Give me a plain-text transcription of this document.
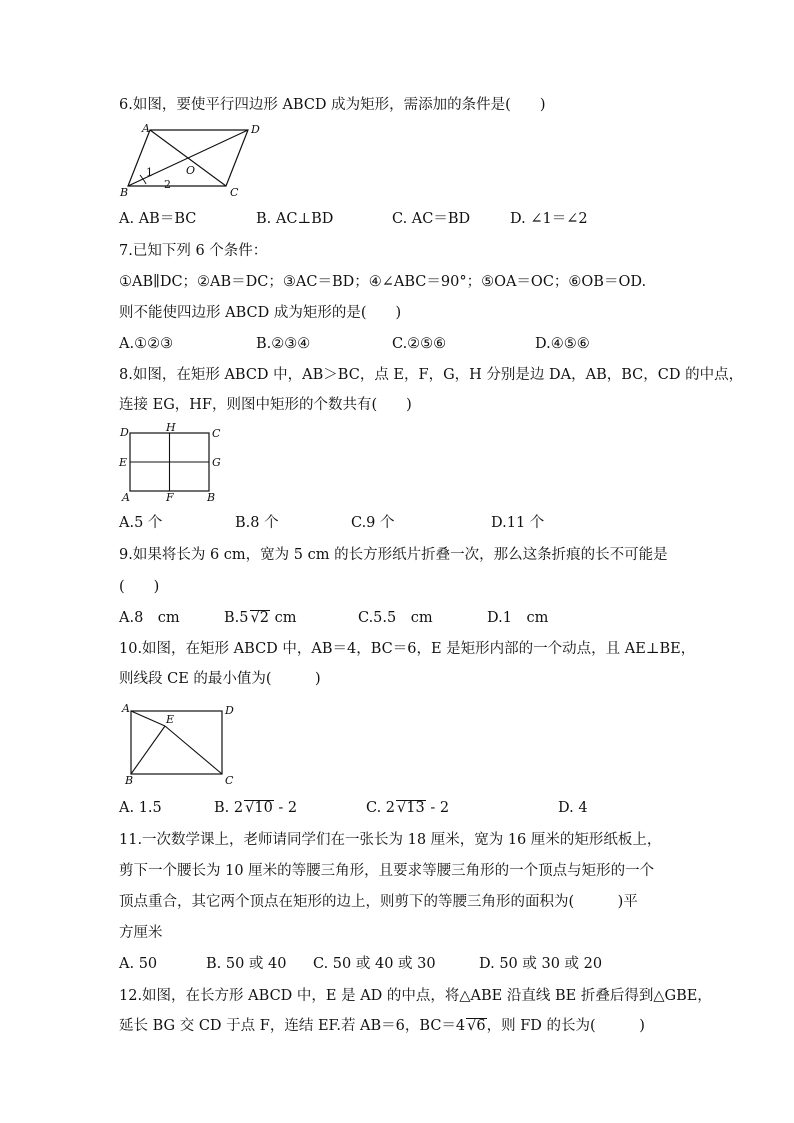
6.如图，要使平行四边形 ABCD 成为矩形，需添加的条件是(　　)
A	D
B	C
O
1
2
A. AB＝BC	B. AC⊥BD	C. AC＝BD	D. ∠1＝∠2
7.已知下列 6 个条件：
①AB∥DC；②AB＝DC；③AC＝BD；④∠ABC＝90°；⑤OA＝OC；⑥OB＝OD.
则不能使四边形 ABCD 成为矩形的是(　　)
A.①②③	B.②③④	C.②⑤⑥	D.④⑤⑥
8.如图，在矩形 ABCD 中，AB＞BC，点 E，F，G，H 分别是边 DA，AB，BC，CD 的中点，
连接 EG，HF，则图中矩形的个数共有(　　)
D	H	C
E	G
A	F	B
A.5 个	B.8 个	C.9 个	D.11 个
9.如果将长为 6 cm，宽为 5 cm 的长方形纸片折叠一次，那么这条折痕的长不可能是
(　　)
A.8　cm	B.5 √2 cm	C.5.5　cm	D.1　cm
10.如图，在矩形 ABCD 中，AB＝4，BC＝6，E 是矩形内部的一个动点，且 AE⊥BE，
则线段 CE 的最小值为(　　　)
A	D
E
B	C
A. 1.5	B. 2 √10 - 2	C. 2 √13 - 2	D. 4
11.一次数学课上，老师请同学们在一张长为 18 厘米，宽为 16 厘米的矩形纸板上，
剪下一个腰长为 10 厘米的等腰三角形，且要求等腰三角形的一个顶点与矩形的一个
顶点重合，其它两个顶点在矩形的边上，则剪下的等腰三角形的面积为(　　　)平
方厘米
A. 50	B. 50 或 40 C. 50 或 40 或 30	D. 50 或 30 或 20
12.如图，在长方形 ABCD 中，E 是 AD 的中点，将△ABE 沿直线 BE 折叠后得到△GBE，
延长 BG 交 CD 于点 F，连结 EF.若 AB＝6，BC＝4 √6，则 FD 的长为(　　　)
